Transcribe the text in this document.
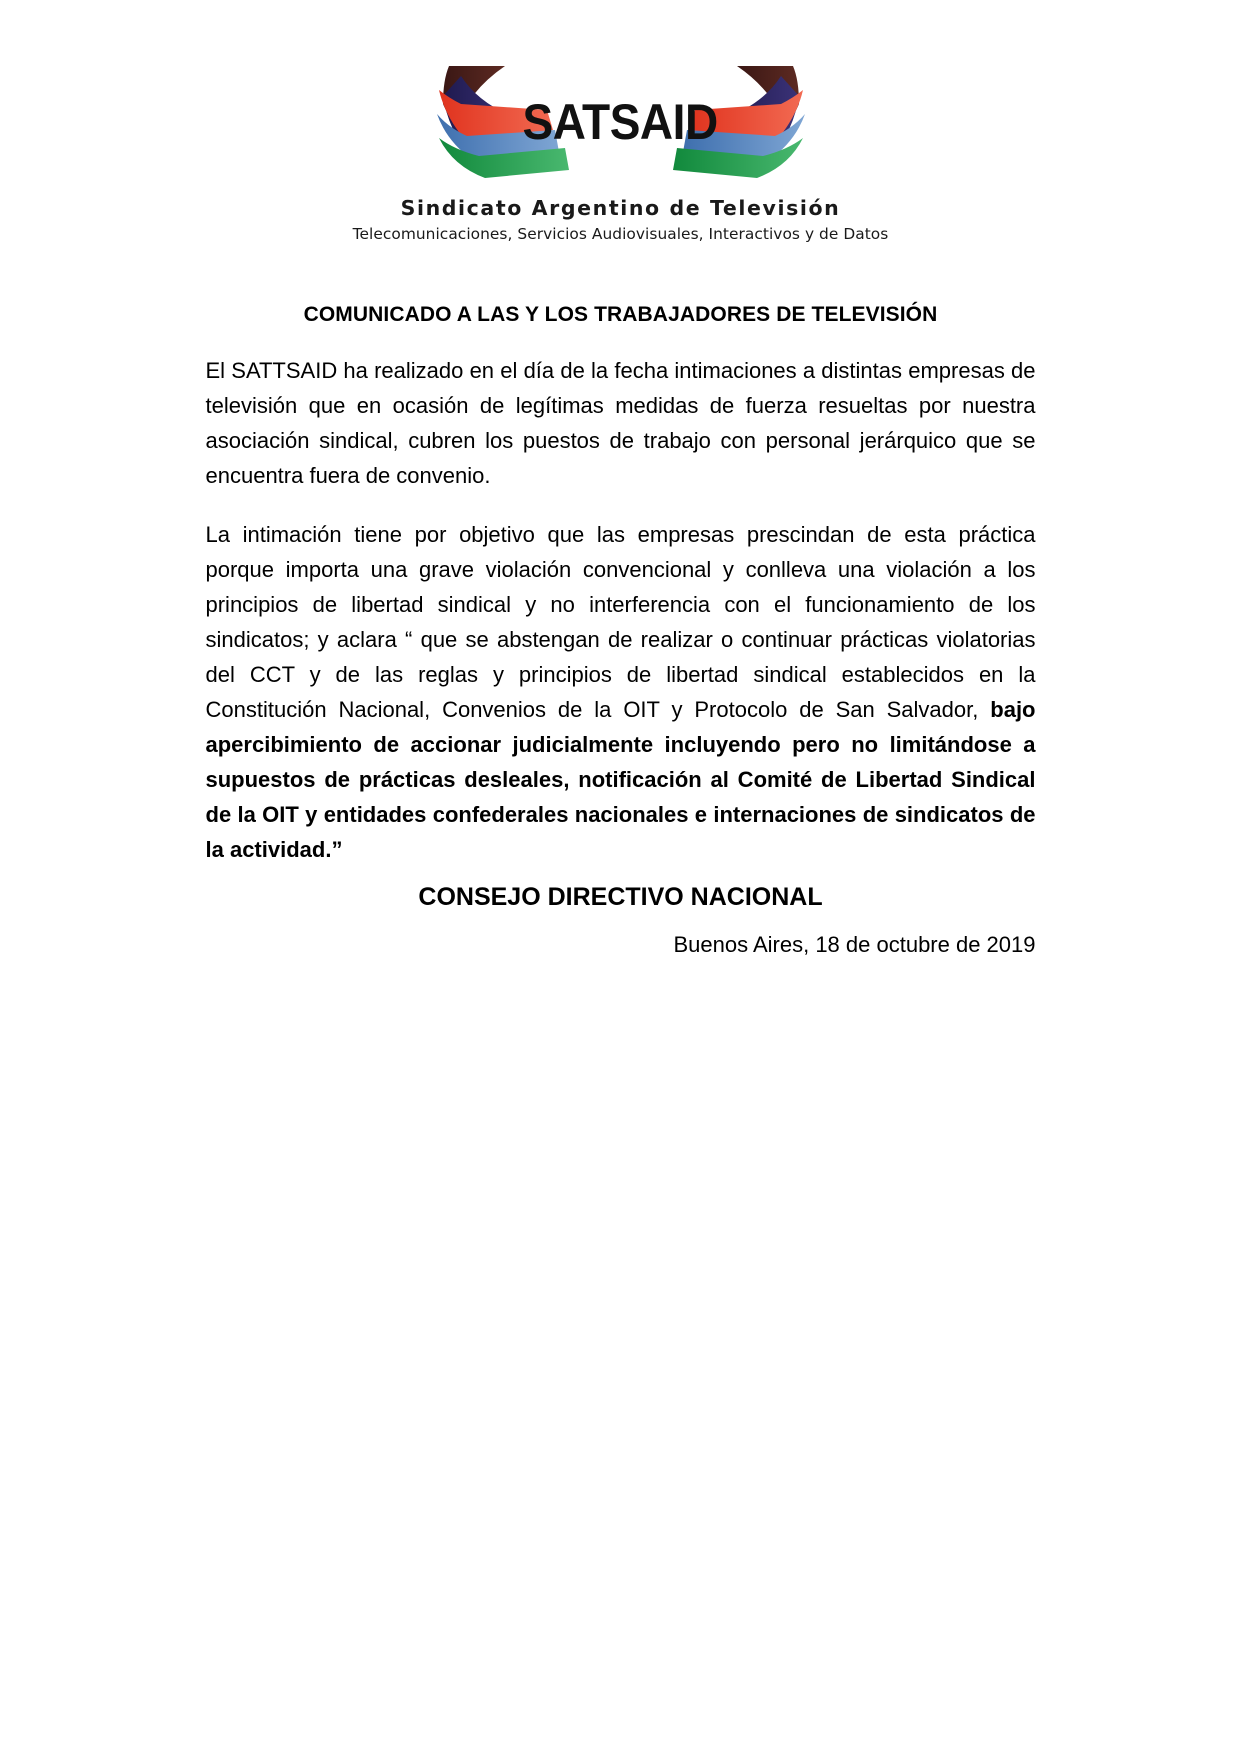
SATSAID
Sindicato Argentino de Televisión
Telecomunicaciones, Servicios Audiovisuales, Interactivos y de Datos
COMUNICADO A LAS Y LOS TRABAJADORES DE TELEVISIÓN

El SATTSAID ha realizado en el día de la fecha intimaciones a distintas empresas de televisión que en ocasión de legítimas medidas de fuerza resueltas por nuestra asociación sindical, cubren los puestos de trabajo con personal jerárquico que se encuentra fuera de convenio.

La intimación tiene por objetivo que las empresas prescindan de esta práctica porque importa una grave violación convencional y conlleva una violación a los principios de libertad sindical y no interferencia con el funcionamiento de los sindicatos; y aclara “ que se abstengan de realizar o continuar prácticas violatorias del CCT y de las reglas y principios de libertad sindical establecidos en la Constitución Nacional, Convenios de la OIT y Protocolo de San Salvador, bajo apercibimiento de accionar judicialmente incluyendo pero no limitándose a supuestos de prácticas desleales, notificación al Comité de Libertad Sindical de la OIT y entidades confederales nacionales e internaciones de sindicatos de la actividad.”

CONSEJO DIRECTIVO NACIONAL
Buenos Aires, 18 de octubre de 2019
